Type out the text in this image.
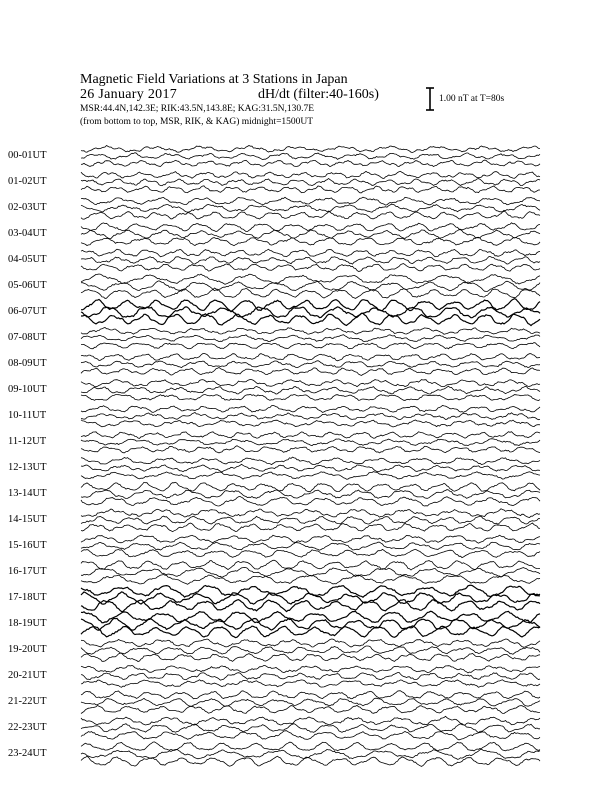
00-01UT
01-02UT
02-03UT
03-04UT
04-05UT
05-06UT
06-07UT
07-08UT
08-09UT
09-10UT
10-11UT
11-12UT
12-13UT
13-14UT
14-15UT
15-16UT
16-17UT
17-18UT
18-19UT
19-20UT
20-21UT
21-22UT
22-23UT
23-24UT
Magnetic Field Variations at 3 Stations in Japan
26 January 2017	dH/dt (filter:40-160s)
MSR:44.4N,142.3E; RIK:43.5N,143.8E; KAG:31.5N,130.7E
(from bottom to top, MSR, RIK, & KAG) midnight=1500UT
1.00 nT at T=80s
